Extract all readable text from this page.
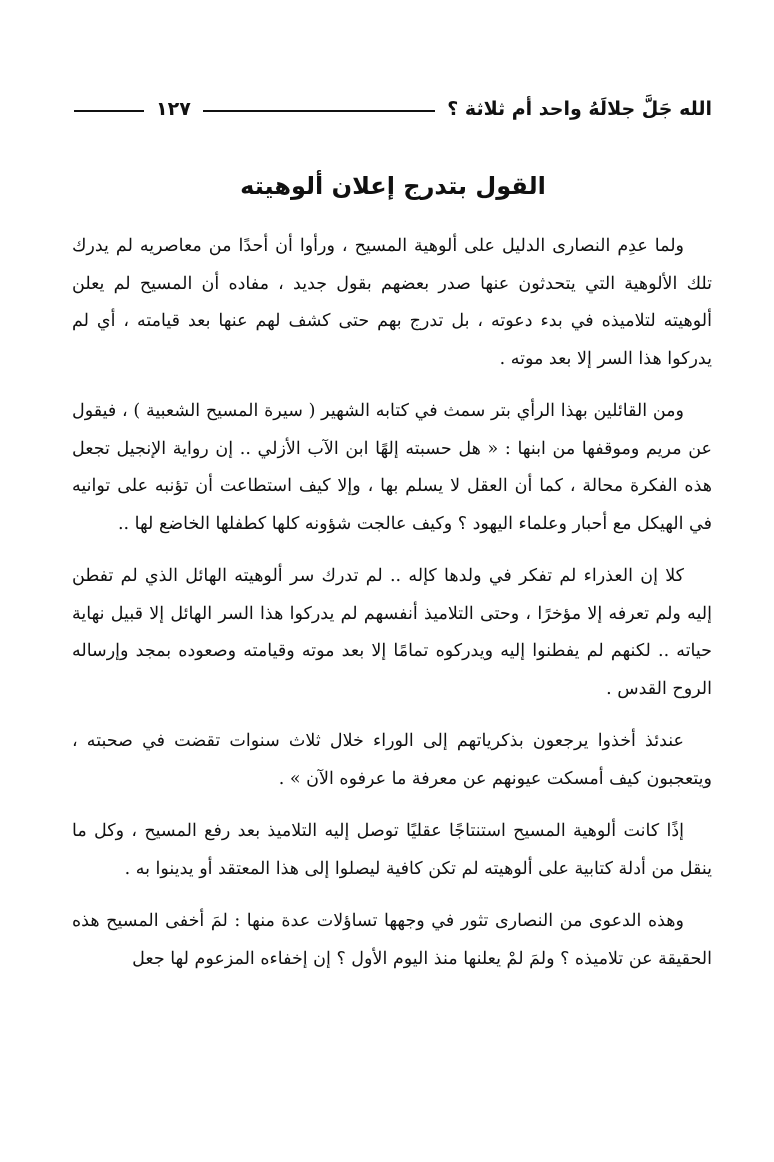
الله جَلَّ جلالَهُ واحد أم ثلاثة ؟
١٢٧
القول بتدرج إعلان ألوهيته

ولما عدِم النصارى الدليل على ألوهية المسيح ، ورأوا أن أحدًا من معاصريه لم يدرك تلك الألوهية التي يتحدثون عنها صدر بعضهم بقول جديد ، مفاده أن المسيح لم يعلن ألوهيته لتلاميذه في بدء دعوته ، بل تدرج بهم حتى كشف لهم عنها بعد قيامته ، أي لم يدركوا هذا السر إلا بعد موته .

ومن القائلين بهذا الرأي بتر سمث في كتابه الشهير ( سيرة المسيح الشعبية ) ، فيقول عن مريم وموقفها من ابنها : « هل حسبته إلهًا ابن الآب الأزلي .. إن رواية الإنجيل تجعل هذه الفكرة محالة ، كما أن العقل لا يسلم بها ، وإلا كيف استطاعت أن تؤنبه على توانيه في الهيكل مع أحبار وعلماء اليهود ؟ وكيف عالجت شؤونه كلها كطفلها الخاضع لها ..

كلا إن العذراء لم تفكر في ولدها كإله .. لم تدرك سر ألوهيته الهائل الذي لم تفطن إليه ولم تعرفه إلا مؤخرًا ، وحتى التلاميذ أنفسهم لم يدركوا هذا السر الهائل إلا قبيل نهاية حياته .. لكنهم لم يفطنوا إليه ويدركوه تمامًا إلا بعد موته وقيامته وصعوده بمجد وإرساله الروح القدس .

عندئذ أخذوا يرجعون بذكرياتهم إلى الوراء خلال ثلاث سنوات تقضت في صحبته ، ويتعجبون كيف أمسكت عيونهم عن معرفة ما عرفوه الآن » .

إذًا كانت ألوهية المسيح استنتاجًا عقليًا توصل إليه التلاميذ بعد رفع المسيح ، وكل ما ينقل من أدلة كتابية على ألوهيته لم تكن كافية ليصلوا إلى هذا المعتقد أو يدينوا به .

وهذه الدعوى من النصارى تثور في وجهها تساؤلات عدة منها : لمَ أخفى المسيح هذه الحقيقة عن تلاميذه ؟ ولمَ لمْ يعلنها منذ اليوم الأول ؟ إن إخفاءه المزعوم لها جعل
